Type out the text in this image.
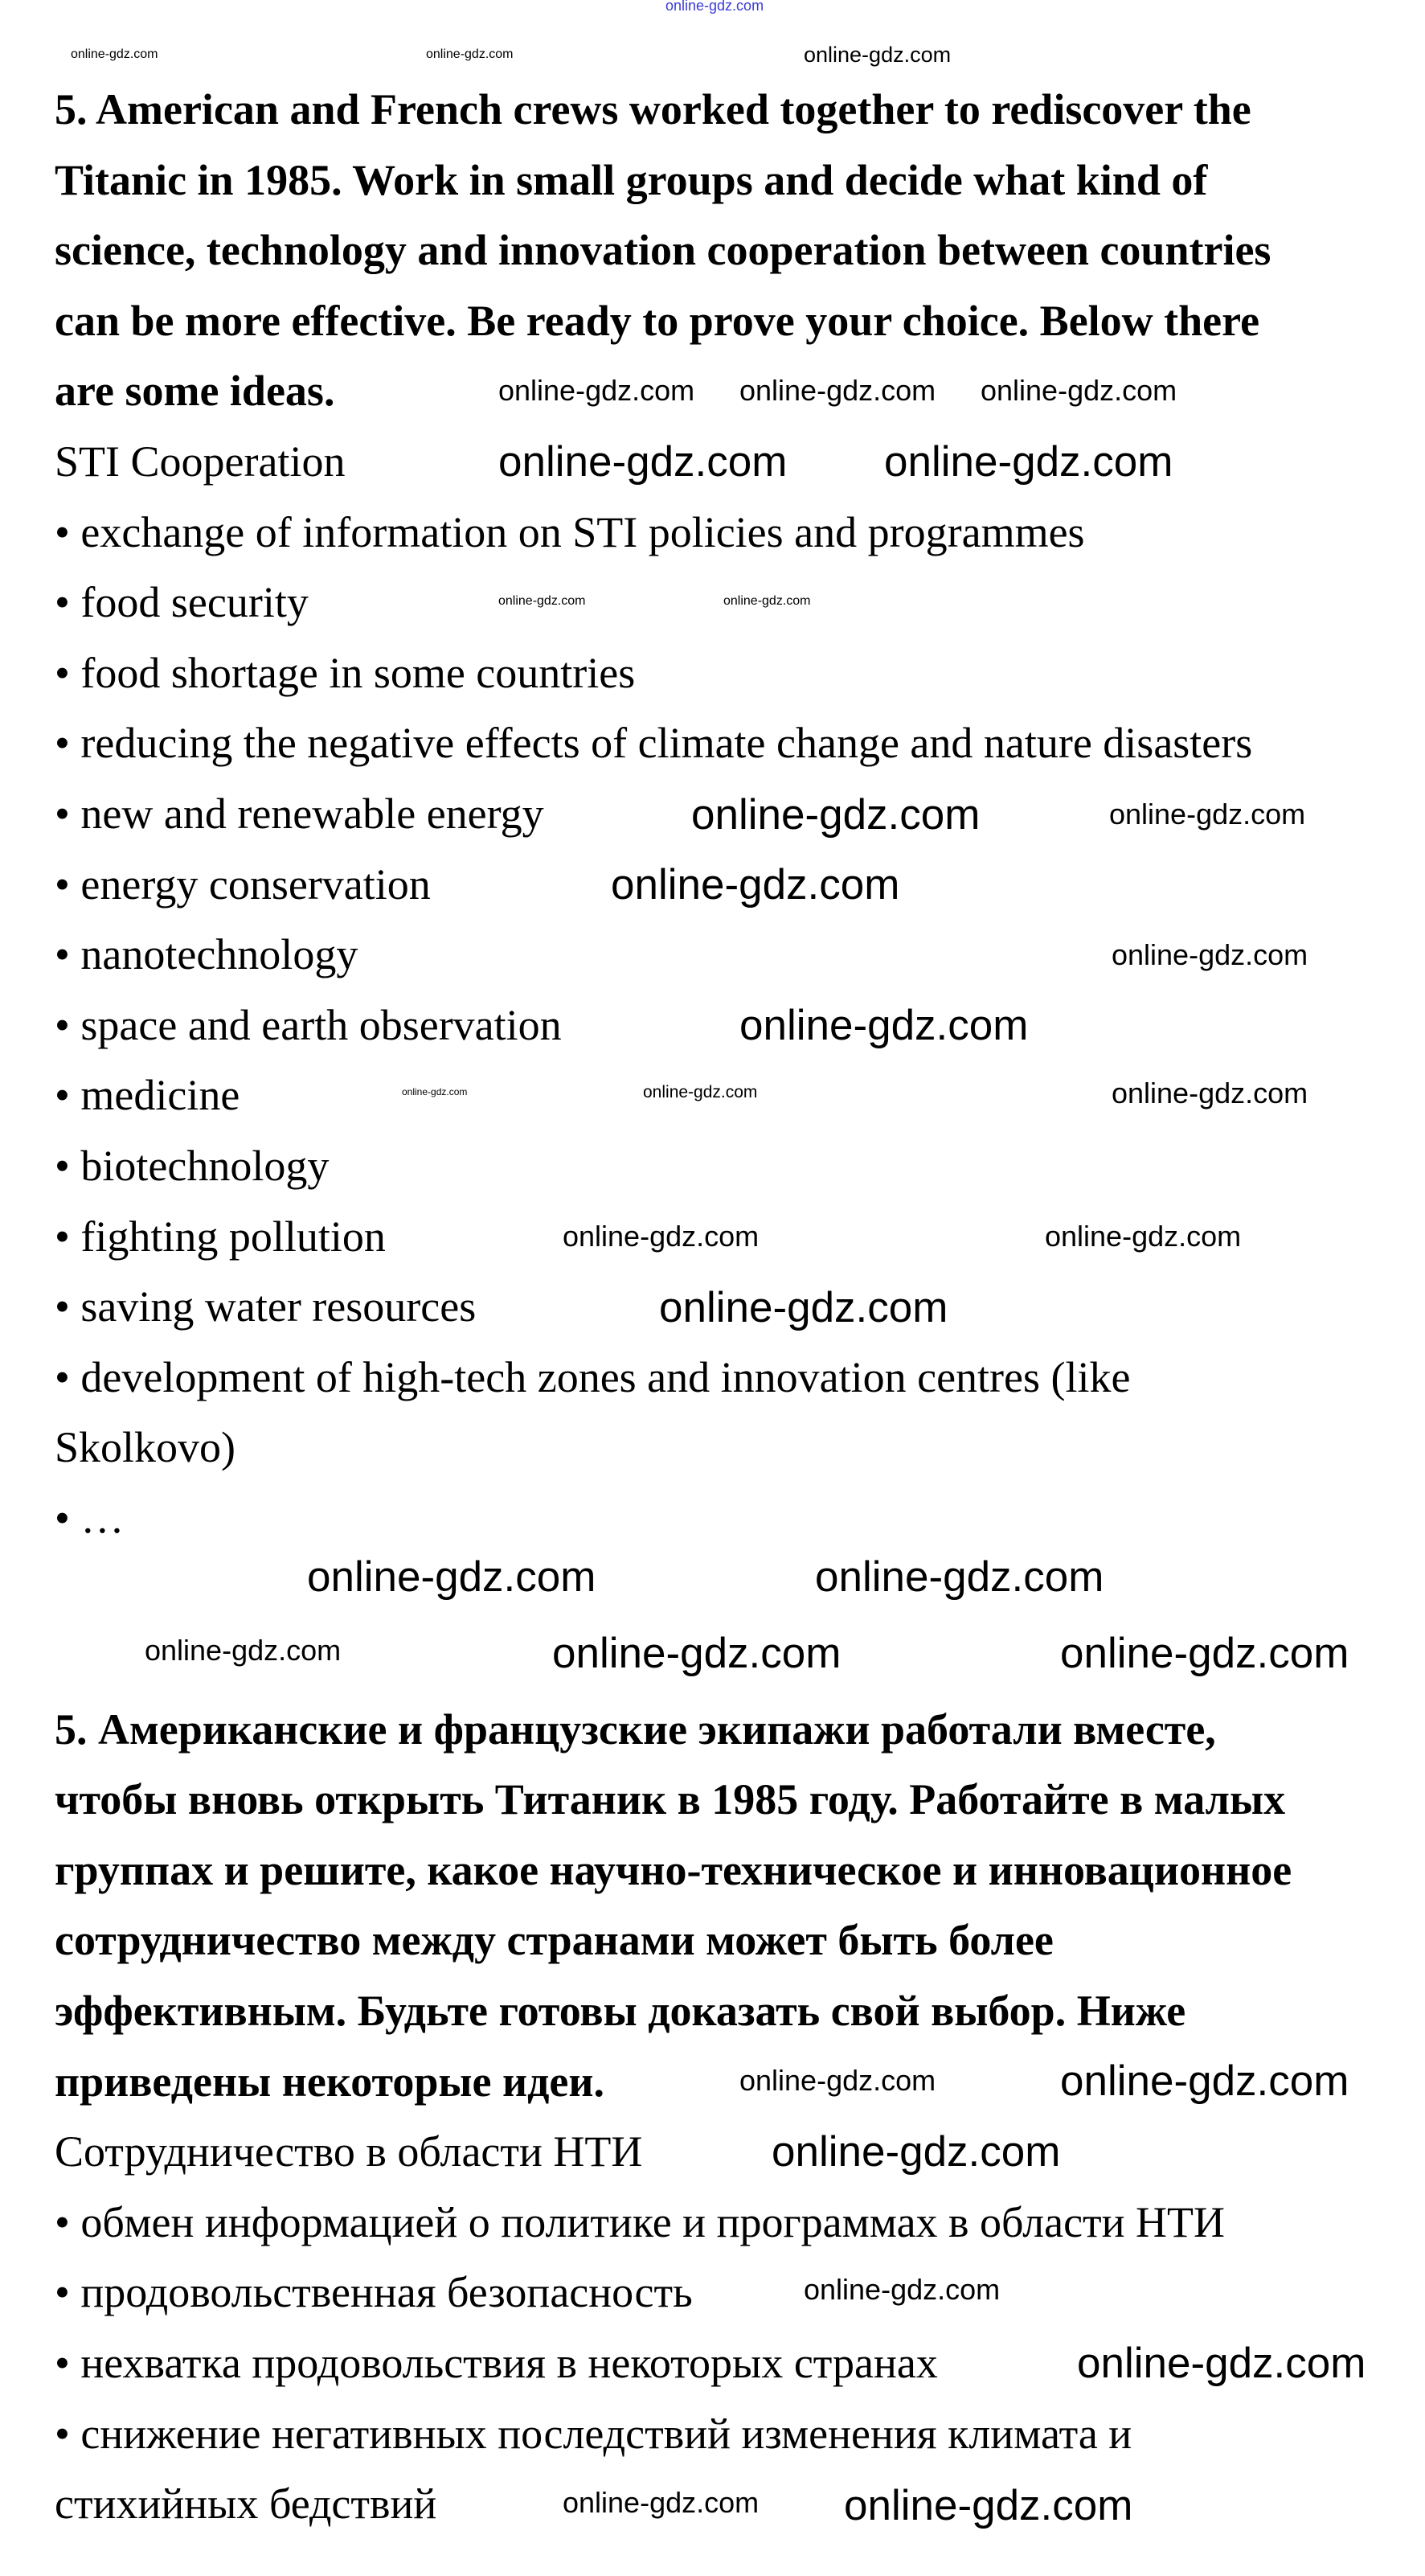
5. American and French crews worked together to rediscover the
Titanic in 1985. Work in small groups and decide what kind of
science, technology and innovation cooperation between countries
can be more effective. Be ready to prove your choice. Below there
are some ideas.
STI Cooperation
• exchange of information on STI policies and programmes
• food security
• food shortage in some countries
• reducing the negative effects of climate change and nature disasters
• new and renewable energy
• energy conservation
• nanotechnology
• space and earth observation
• medicine
• biotechnology
• fighting pollution
• saving water resources
• development of high-tech zones and innovation centres (like
Skolkovo)
• …
5. Американские и французские экипажи работали вместе,
чтобы вновь открыть Титаник в 1985 году. Работайте в малых
группах и решите, какое научно-техническое и инновационное
сотрудничество между странами может быть более
эффективным. Будьте готовы доказать свой выбор. Ниже
приведены некоторые идеи.
Сотрудничество в области НТИ
• обмен информацией о политике и программах в области НТИ
• продовольственная безопасность
• нехватка продовольствия в некоторых странах
• снижение негативных последствий изменения климата и
стихийных бедствий
online-gdz.com
online-gdz.com	online-gdz.com
online-gdz.com
online-gdz.com online-gdz.com online-gdz.com
online-gdz.com online-gdz.com
online-gdz.com	online-gdz.com
online-gdz.com	online-gdz.com
online-gdz.com
online-gdz.com
online-gdz.com
online-gdz.com	online-gdz.com	online-gdz.com
online-gdz.com
online-gdz.com
online-gdz.com
online-gdz.com	online-gdz.com
online-gdz.com	online-gdz.com	online-gdz.com
online-gdz.com	online-gdz.com
online-gdz.com
online-gdz.com
online-gdz.com
online-gdz.com online-gdz.com
